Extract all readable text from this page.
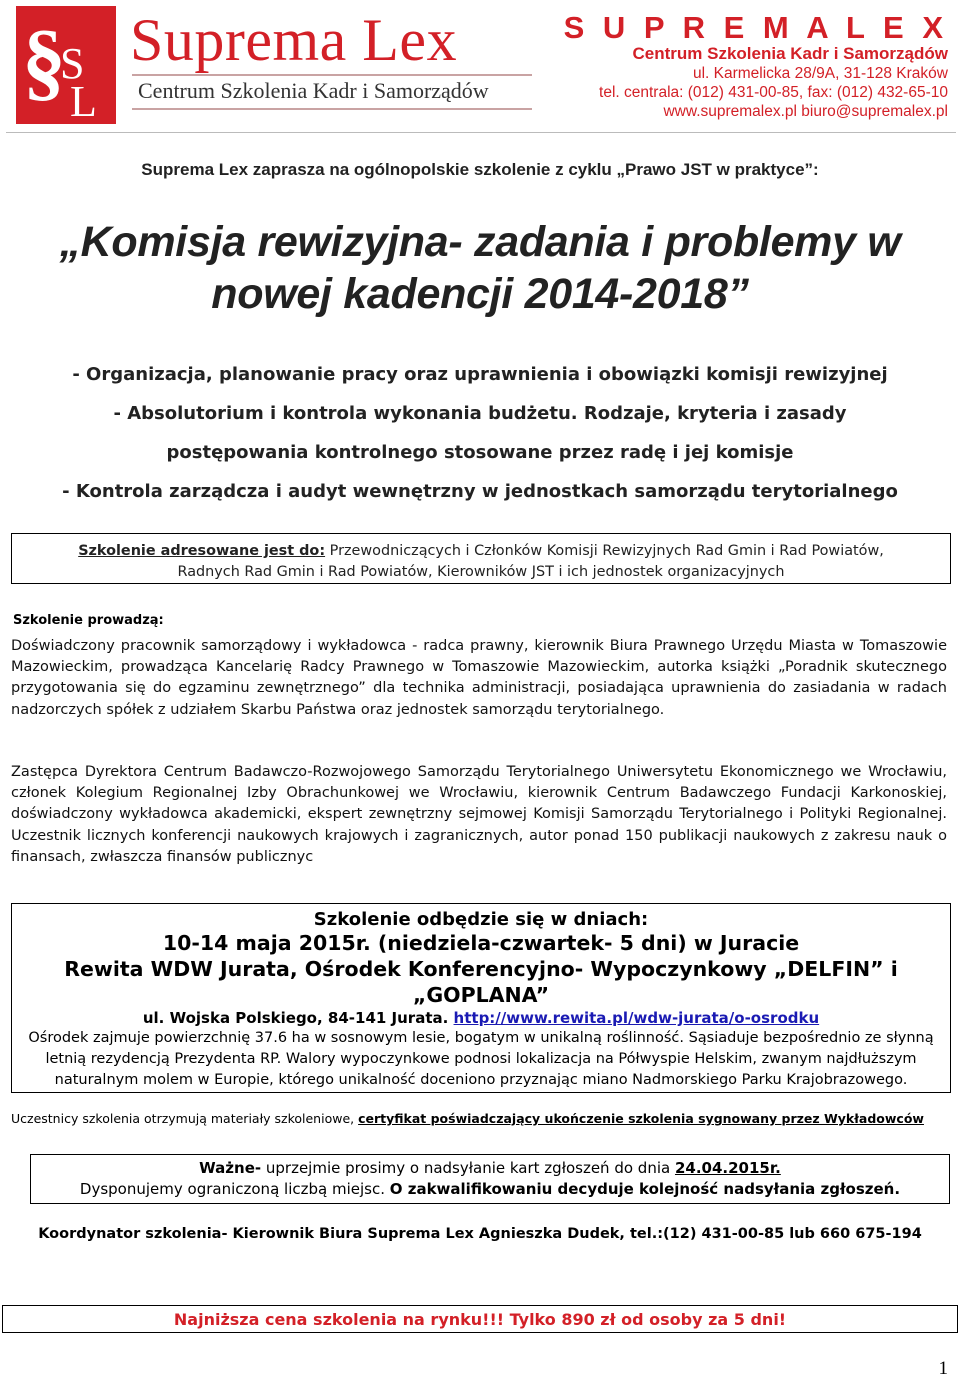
§
S
L
Suprema Lex
Centrum Szkolenia Kadr i Samorządów
S U P R E M A L E X
Centrum Szkolenia Kadr i Samorządów
ul. Karmelicka 28/9A, 31-128 Kraków
tel. centrala: (012) 431-00-85, fax: (012) 432-65-10
www.supremalex.pl biuro@supremalex.pl
Suprema Lex zaprasza na ogólnopolskie szkolenie z cyklu „Prawo JST w praktyce”:
„Komisja rewizyjna- zadania i problemy w
nowej kadencji 2014-2018”
- Organizacja, planowanie pracy oraz uprawnienia i obowiązki komisji rewizyjnej
- Absolutorium i kontrola wykonania budżetu. Rodzaje, kryteria i zasady
postępowania kontrolnego stosowane przez radę i jej komisje
- Kontrola zarządcza i audyt wewnętrzny w jednostkach samorządu terytorialnego
Szkolenie adresowane jest do: Przewodniczących i Członków Komisji Rewizyjnych Rad Gmin i Rad Powiatów,
Radnych Rad Gmin i Rad Powiatów, Kierowników JST i ich jednostek organizacyjnych
Szkolenie prowadzą:
Doświadczony pracownik samorządowy i wykładowca - radca prawny, kierownik Biura Prawnego Urzędu Miasta w Tomaszowie Mazowieckim, prowadząca Kancelarię Radcy Prawnego w Tomaszowie Mazowieckim, autorka książki „Poradnik skutecznego przygotowania się do egzaminu zewnętrznego” dla technika administracji, posiadająca uprawnienia do zasiadania w radach nadzorczych spółek z udziałem Skarbu Państwa oraz jednostek samorządu terytorialnego.
Zastępca Dyrektora Centrum Badawczo-Rozwojowego Samorządu Terytorialnego Uniwersytetu Ekonomicznego we Wrocławiu, członek Kolegium Regionalnej Izby Obrachunkowej we Wrocławiu, kierownik Centrum Badawczego Fundacji Karkonoskiej, doświadczony wykładowca akademicki, ekspert zewnętrzny sejmowej Komisji Samorządu Terytorialnego i Polityki Regionalnej. Uczestnik licznych konferencji naukowych krajowych i zagranicznych, autor ponad 150 publikacji naukowych z zakresu nauk o finansach, zwłaszcza finansów publicznyc
Szkolenie odbędzie się w dniach:
10-14 maja 2015r. (niedziela-czwartek- 5 dni) w Juracie
Rewita WDW Jurata, Ośrodek Konferencyjno- Wypoczynkowy „DELFIN” i „GOPLANA”
ul. Wojska Polskiego, 84-141 Jurata. http://www.rewita.pl/wdw-jurata/o-osrodku
Ośrodek zajmuje powierzchnię 37.6 ha w sosnowym lesie, bogatym w unikalną roślinność. Sąsiaduje bezpośrednio ze słynną letnią rezydencją Prezydenta RP. Walory wypoczynkowe podnosi lokalizacja na Półwyspie Helskim, zwanym najdłuższym naturalnym molem w Europie, którego unikalność doceniono przyznając miano Nadmorskiego Parku Krajobrazowego.
Uczestnicy szkolenia otrzymują materiały szkoleniowe, certyfikat poświadczający ukończenie szkolenia sygnowany przez Wykładowców
Ważne- uprzejmie prosimy o nadsyłanie kart zgłoszeń do dnia 24.04.2015r.
Dysponujemy ograniczoną liczbą miejsc. O zakwalifikowaniu decyduje kolejność nadsyłania zgłoszeń.
Koordynator szkolenia- Kierownik Biura Suprema Lex Agnieszka Dudek, tel.:(12) 431-00-85 lub 660 675-194
Najniższa cena szkolenia na rynku!!! Tylko 890 zł od osoby za 5 dni!
1
